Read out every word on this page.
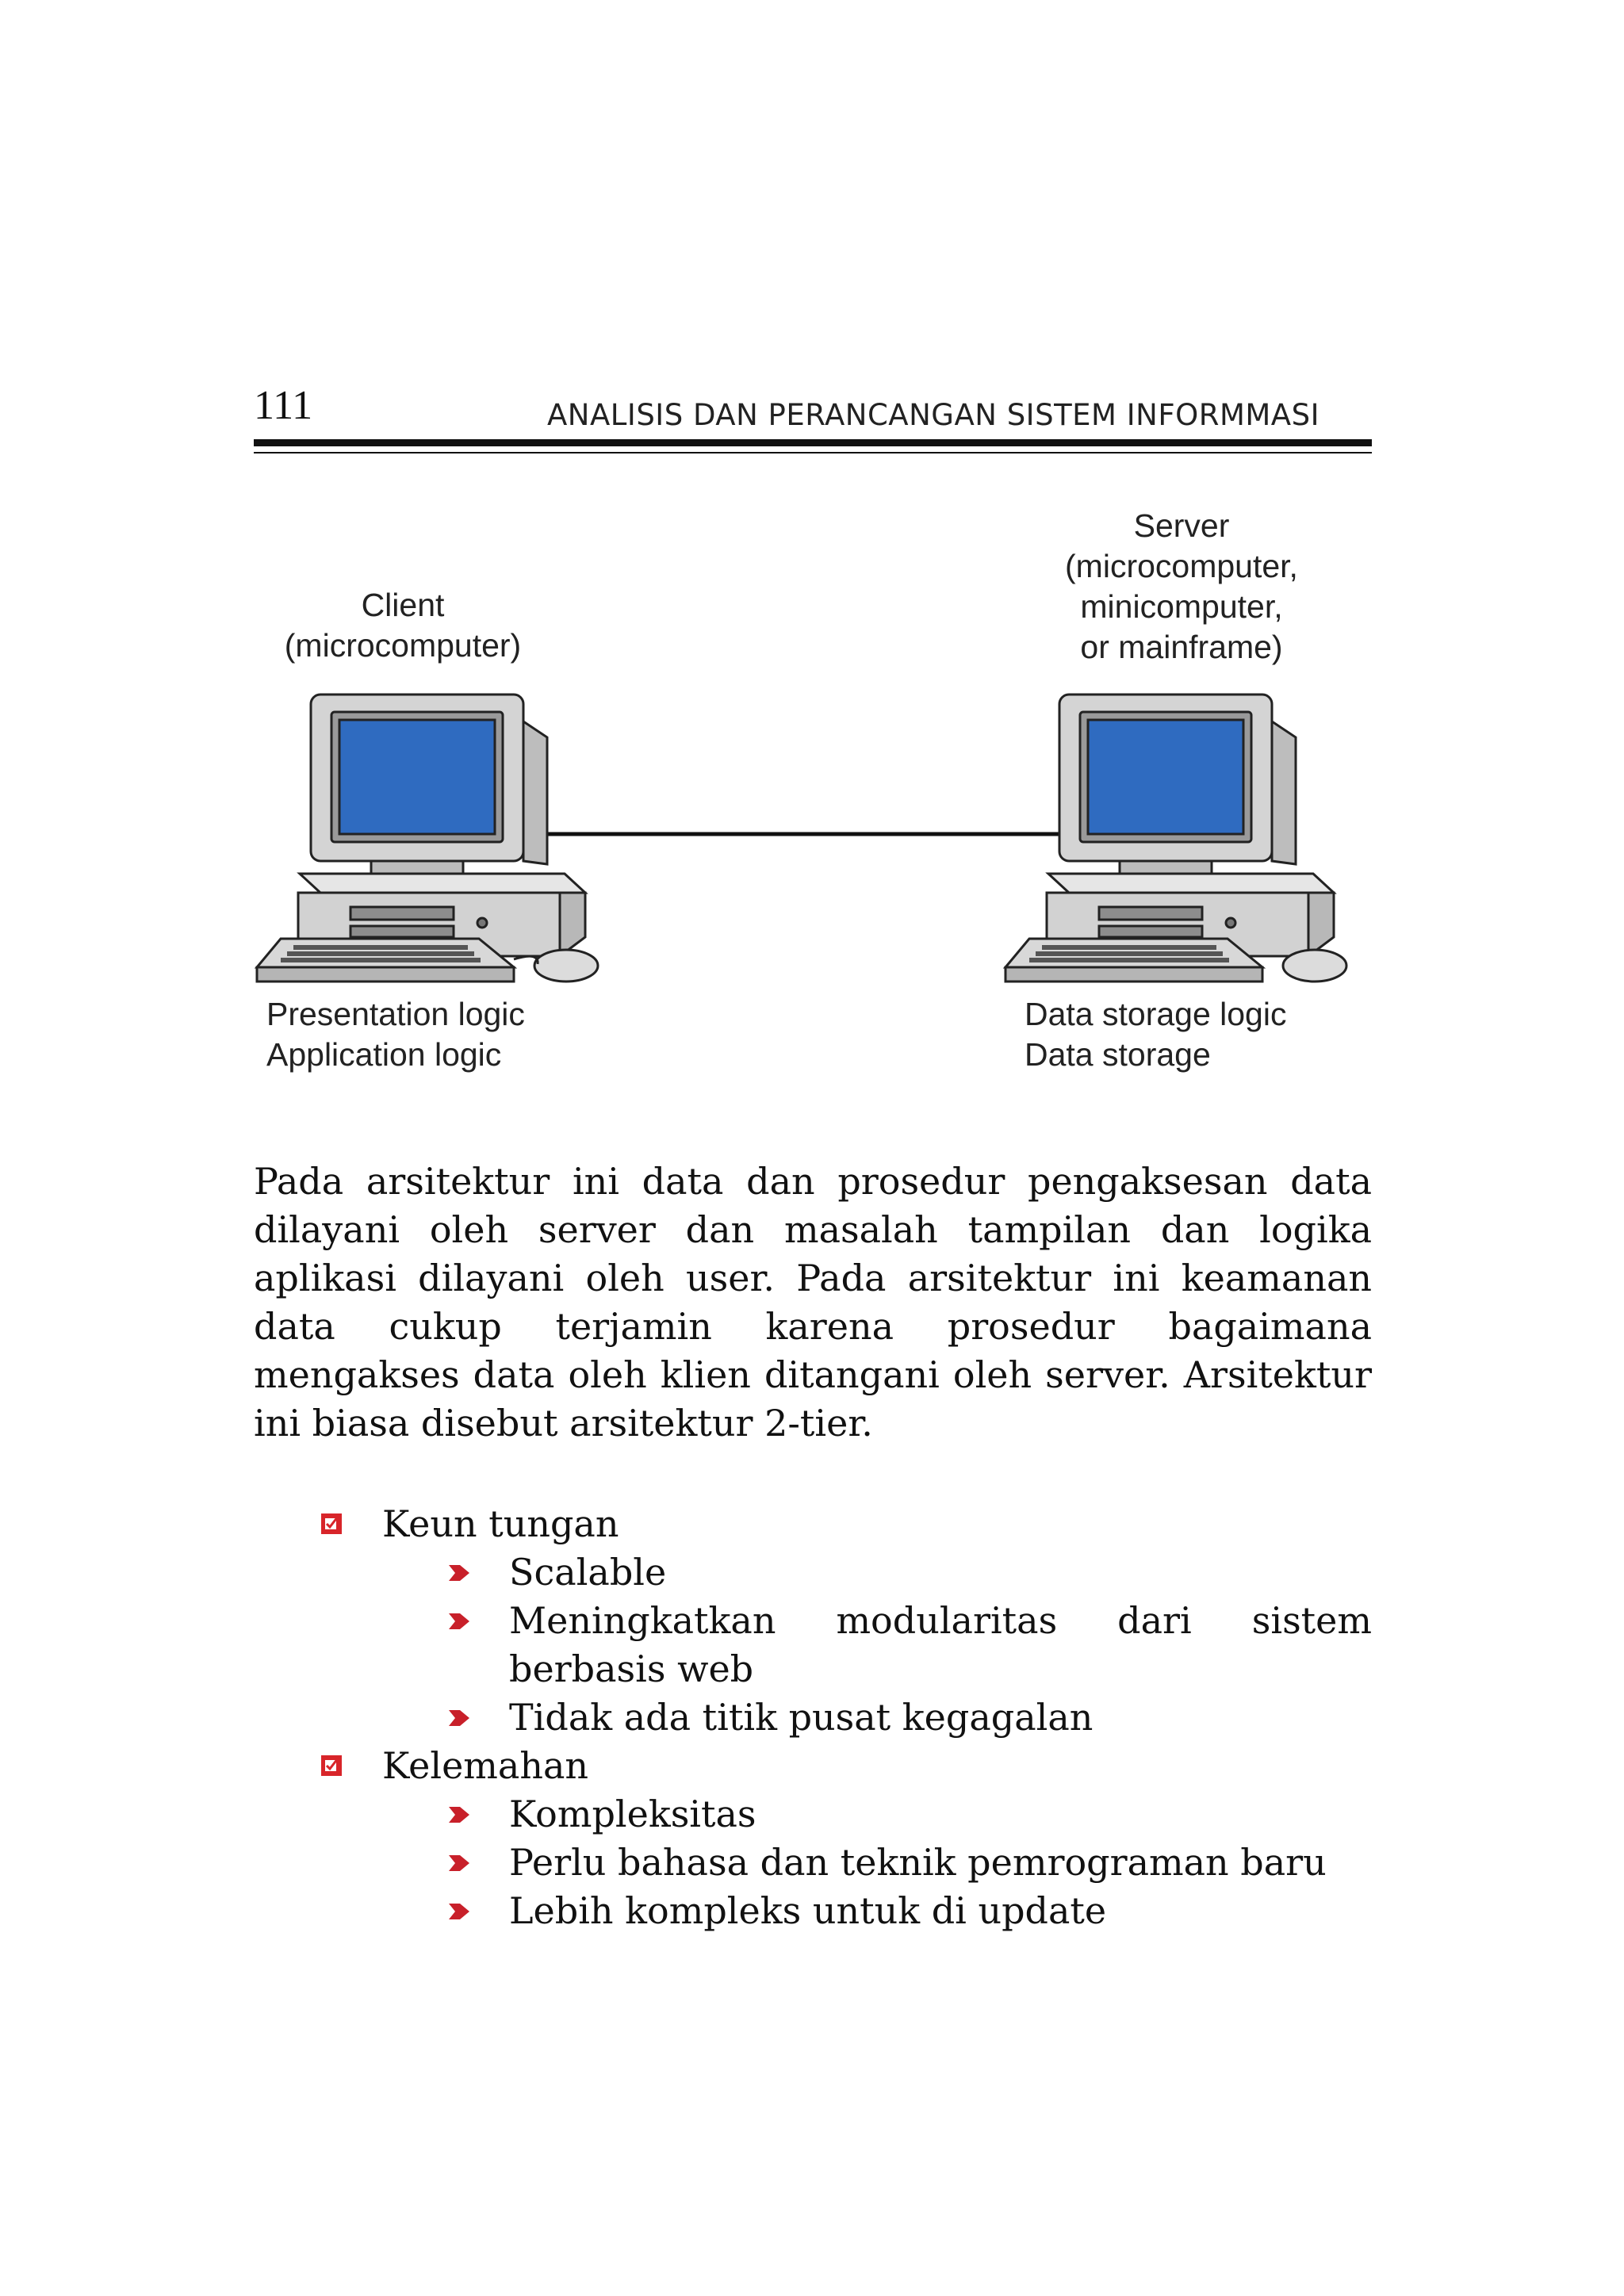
111	ANALISIS DAN PERANCANGAN SISTEM INFORMMASI
Client
(microcomputer)
Server
(microcomputer,
minicomputer,
or mainframe)
Presentation logic
Application logic
Data storage logic
Data storage

Pada arsitektur ini data dan prosedur pengaksesan data dilayani oleh server dan masalah tampilan dan logika aplikasi dilayani oleh user. Pada arsitektur ini keamanan data cukup terjamin karena prosedur bagaimana mengakses data oleh klien ditangani oleh server. Arsitektur ini biasa disebut arsitektur 2-tier.

Keun tungan
Scalable
Meningkatkan modularitas dari sistem berbasis web
Tidak ada titik pusat kegagalan
Kelemahan
Kompleksitas
Perlu bahasa dan teknik pemrograman baru
Lebih kompleks untuk di update
